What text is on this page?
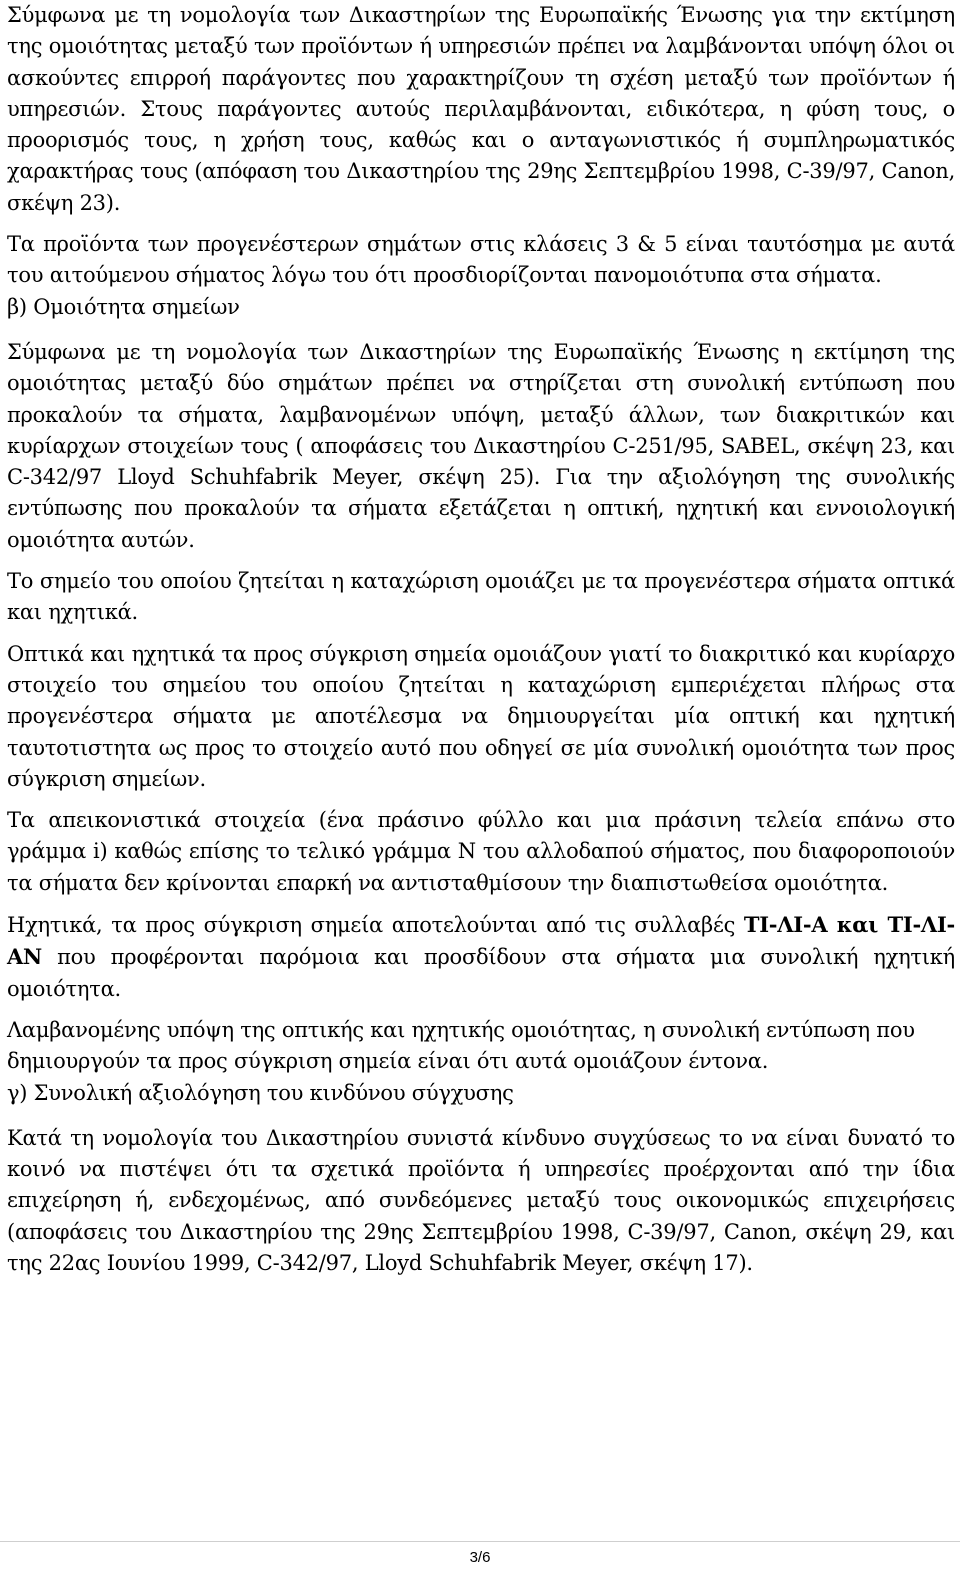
Σύμφωνα με τη νομολογία των Δικαστηρίων της Ευρωπαϊκής Ένωσης για την εκτίμηση της ομοιότητας μεταξύ των προϊόντων ή υπηρεσιών πρέπει να λαμβάνονται υπόψη όλοι οι ασκούντες επιρροή παράγοντες που χαρακτηρίζουν τη σχέση μεταξύ των προϊόντων ή υπηρεσιών. Στους παράγοντες αυτούς περιλαμβάνονται, ειδικότερα, η φύση τους, ο προορισμός τους, η χρήση τους, καθώς και ο ανταγωνιστικός ή συμπληρωματικός χαρακτήρας τους (απόφαση του Δικαστηρίου της 29ης Σεπτεμβρίου 1998, C-39/97, Canon, σκέψη 23).

Τα προϊόντα των προγενέστερων σημάτων στις κλάσεις 3 & 5 είναι ταυτόσημα με αυτά του αιτούμενου σήματος λόγω του ότι προσδιορίζονται πανομοιότυπα στα σήματα.

β) Ομοιότητα σημείων

Σύμφωνα με τη νομολογία των Δικαστηρίων της Ευρωπαϊκής Ένωσης η εκτίμηση της ομοιότητας μεταξύ δύο σημάτων πρέπει να στηρίζεται στη συνολική εντύπωση που προκαλούν τα σήματα, λαμβανομένων υπόψη, μεταξύ άλλων, των διακριτικών και κυρίαρχων στοιχείων τους ( αποφάσεις του Δικαστηρίου C-251/95, SABEL, σκέψη 23, και C-342/97 Lloyd Schuhfabrik Meyer, σκέψη 25). Για την αξιολόγηση της συνολικής εντύπωσης που προκαλούν τα σήματα εξετάζεται η οπτική, ηχητική και εννοιολογική ομοιότητα αυτών.

Το σημείο του οποίου ζητείται η καταχώριση ομοιάζει με τα προγενέστερα σήματα οπτικά και ηχητικά.

Οπτικά και ηχητικά τα προς σύγκριση σημεία ομοιάζουν γιατί το διακριτικό και κυρίαρχο στοιχείο του σημείου του οποίου ζητείται η καταχώριση εμπεριέχεται πλήρως στα προγενέστερα σήματα με αποτέλεσμα να δημιουργείται μία οπτική και ηχητική ταυτοτιστητα ως προς το στοιχείο αυτό που οδηγεί σε μία συνολική ομοιότητα των προς σύγκριση σημείων.

Τα απεικονιστικά στοιχεία (ένα πράσινο φύλλο και μια πράσινη τελεία επάνω στο γράμμα i) καθώς επίσης το τελικό γράμμα N του αλλοδαπού σήματος, που διαφοροποιούν τα σήματα δεν κρίνονται επαρκή να αντισταθμίσουν την διαπιστωθείσα ομοιότητα.

Ηχητικά, τα προς σύγκριση σημεία αποτελούνται από τις συλλαβές ΤΙ-ΛΙ-Α και ΤΙ-ΛΙ-ΑΝ που προφέρονται παρόμοια και προσδίδουν στα σήματα μια συνολική ηχητική ομοιότητα.

Λαμβανομένης υπόψη της οπτικής και ηχητικής ομοιότητας, η συνολική εντύπωση που δημιουργούν τα προς σύγκριση σημεία είναι ότι αυτά ομοιάζουν έντονα.

γ) Συνολική αξιολόγηση του κινδύνου σύγχυσης

Κατά τη νομολογία του Δικαστηρίου συνιστά κίνδυνο συγχύσεως το να είναι δυνατό το κοινό να πιστέψει ότι τα σχετικά προϊόντα ή υπηρεσίες προέρχονται από την ίδια επιχείρηση ή, ενδεχομένως, από συνδεόμενες μεταξύ τους οικονομικώς επιχειρήσεις (αποφάσεις του Δικαστηρίου της 29ης Σεπτεμβρίου 1998, C-39/97, Canon, σκέψη 29, και της 22ας Ιουνίου 1999, C-342/97, Lloyd Schuhfabrik Meyer, σκέψη 17).

3/6
